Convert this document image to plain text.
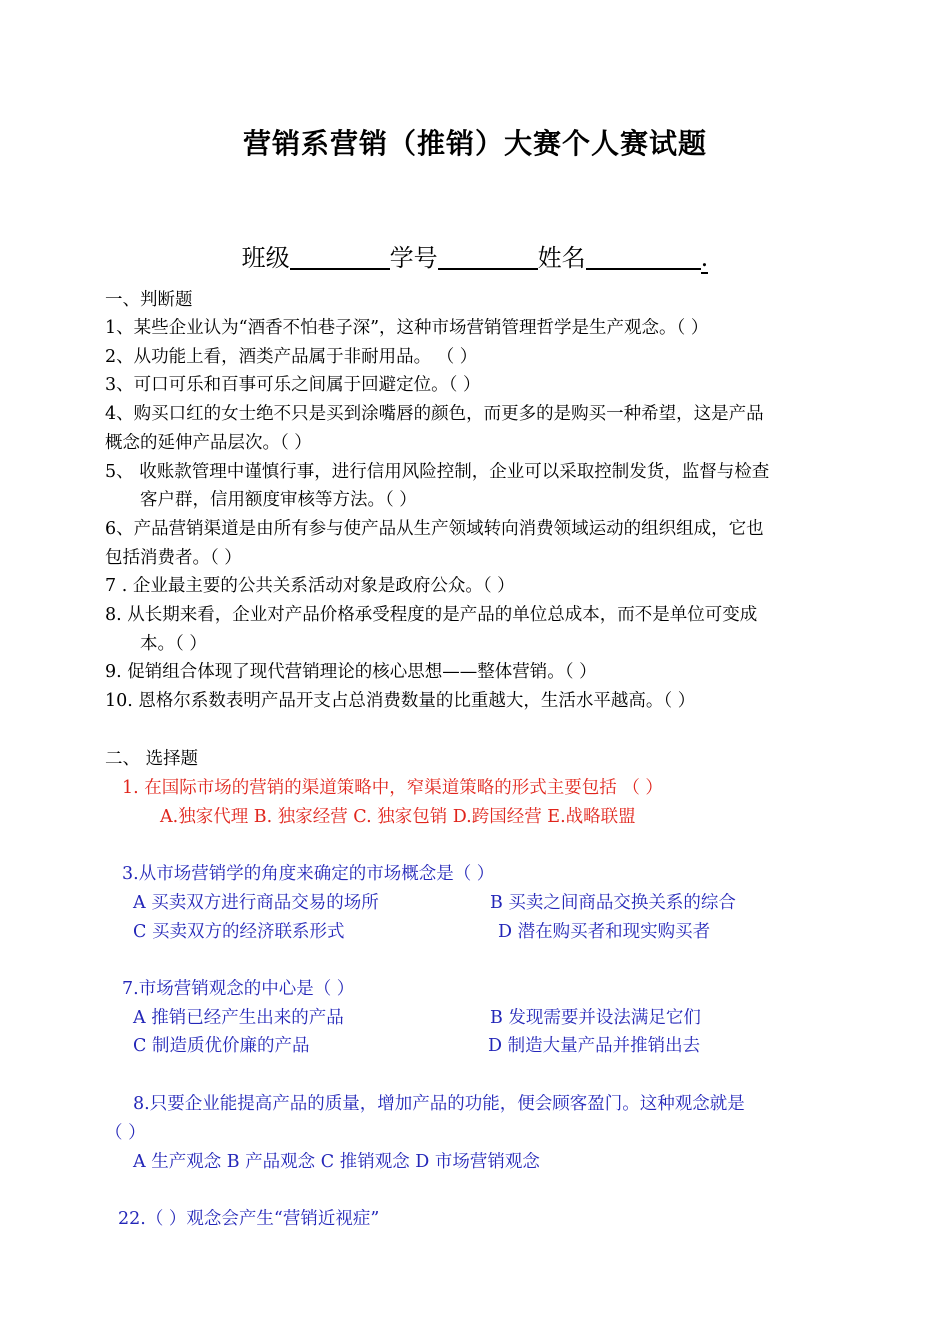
营销系营销（推销）大赛个人赛试题
班级	学号	姓名	.
一、判断题
1、某些企业认为“酒香不怕巷子深”，这种市场营销管理哲学是生产观念。（ ）
2、从功能上看，酒类产品属于非耐用品。 （ ）
3、可口可乐和百事可乐之间属于回避定位。（ ）
4、购买口红的女士绝不只是买到涂嘴唇的颜色，而更多的是购买一种希望，这是产品
概念的延伸产品层次。（ ）
5、 收账款管理中谨慎行事，进行信用风险控制，企业可以采取控制发货，监督与检查
客户群，信用额度审核等方法。（ ）
6、产品营销渠道是由所有参与使产品从生产领域转向消费领域运动的组织组成，它也
包括消费者。（ ）
7 . 企业最主要的公共关系活动对象是政府公众。（ ）
8. 从长期来看，企业对产品价格承受程度的是产品的单位总成本，而不是单位可变成
本。（ ）
9. 促销组合体现了现代营销理论的核心思想——整体营销。（ ）
10. 恩格尔系数表明产品开支占总消费数量的比重越大，生活水平越高。（ ）
二、 选择题
1. 在国际市场的营销的渠道策略中，窄渠道策略的形式主要包括 （ ）
A.独家代理 B. 独家经营 C. 独家包销 D.跨国经营 E.战略联盟
3.从市场营销学的角度来确定的市场概念是（ ）
A 买卖双方进行商品交易的场所	B 买卖之间商品交换关系的综合
C 买卖双方的经济联系形式	D 潜在购买者和现实购买者
7.市场营销观念的中心是（ ）
A 推销已经产生出来的产品	B 发现需要并设法满足它们
C 制造质优价廉的产品	D 制造大量产品并推销出去
8.只要企业能提高产品的质量，增加产品的功能，便会顾客盈门。这种观念就是
（ ）
A 生产观念 B 产品观念 C 推销观念 D 市场营销观念
22.（ ）观念会产生“营销近视症”
